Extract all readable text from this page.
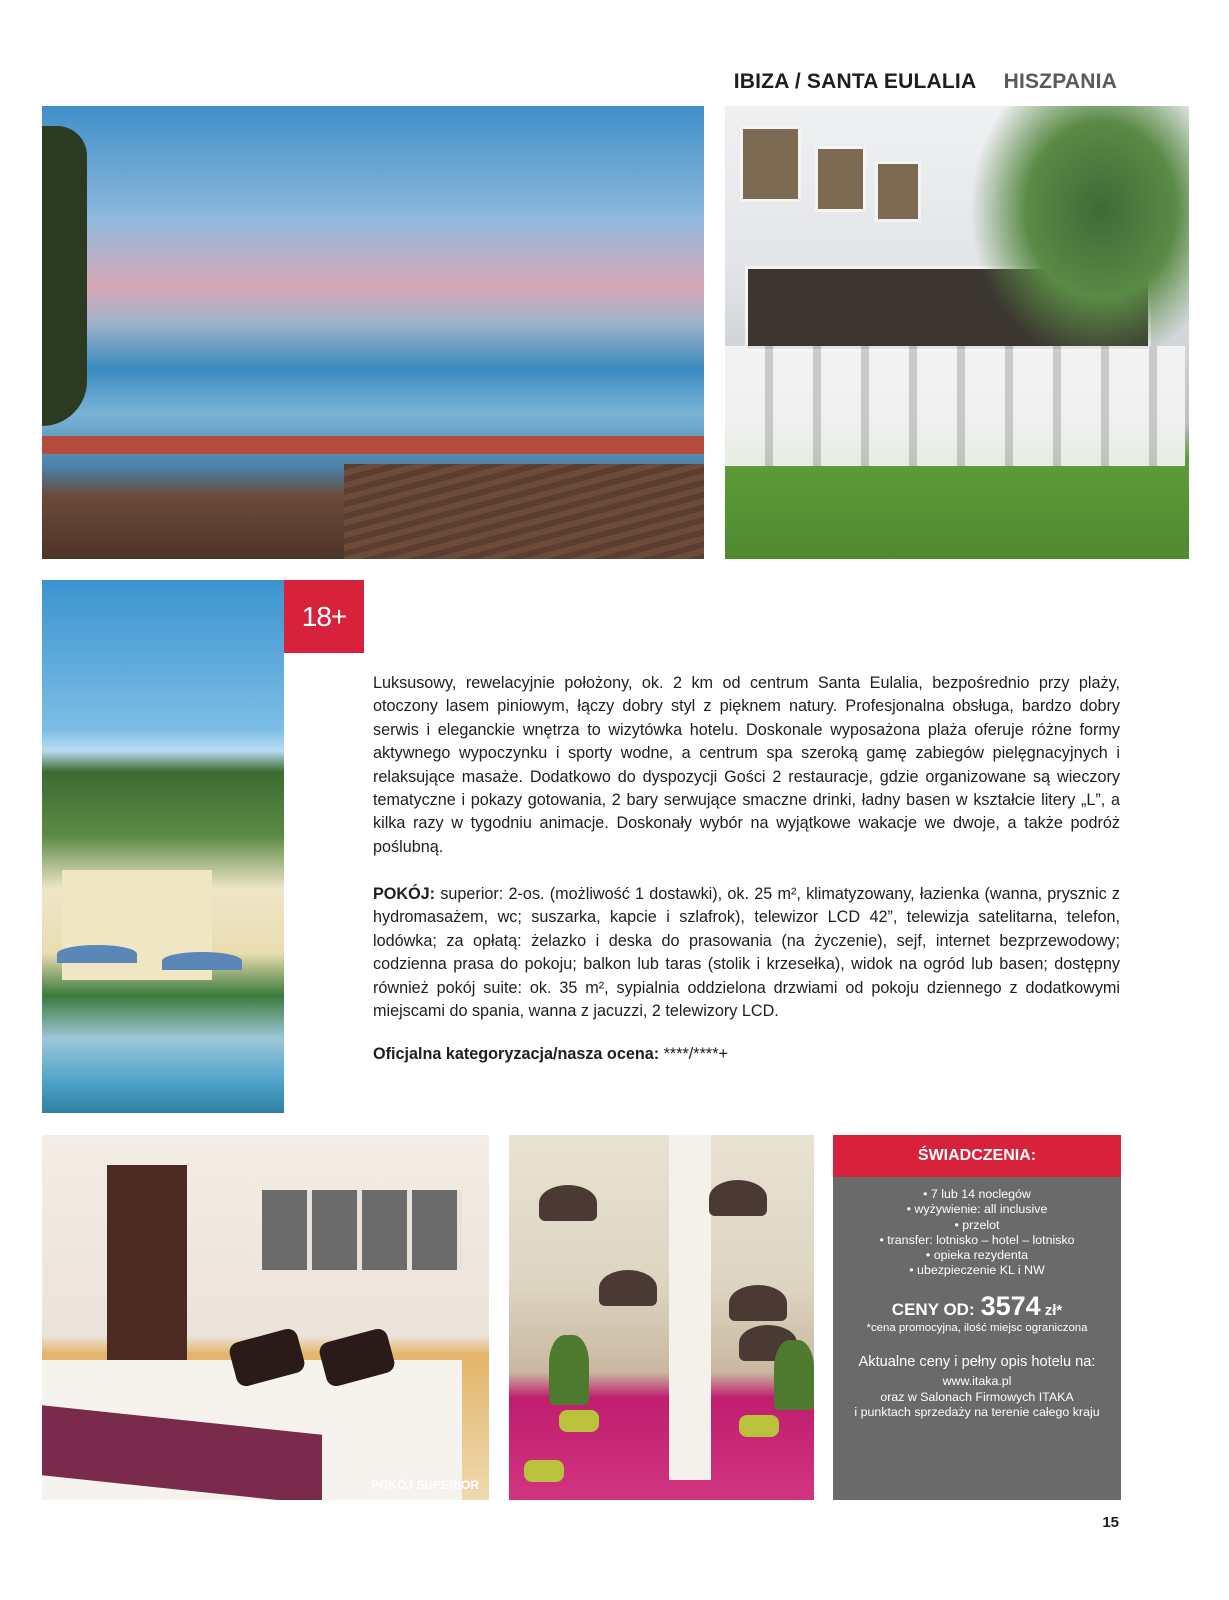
IBIZA / SANTA EULALIA HISZPANIA
18+
Luksusowy, rewelacyjnie położony, ok. 2 km od centrum Santa Eulalia, bezpośrednio przy plaży, otoczony lasem piniowym, łączy dobry styl z pięknem natury. Profesjonalna obsługa, bardzo dobry serwis i eleganckie wnętrza to wizytówka hotelu. Doskonale wyposażona plaża oferuje różne formy aktywnego wypoczynku i sporty wodne, a centrum spa szeroką gamę zabiegów pielęgnacyjnych i relaksujące masaże. Dodatkowo do dyspozycji Gości 2 restauracje, gdzie organizowane są wieczory tematyczne i pokazy gotowania, 2 bary serwujące smaczne drinki, ładny basen w kształcie litery „L”, a kilka razy w tygodniu animacje. Doskonały wybór na wyjątkowe wakacje we dwoje, a także podróż poślubną.
POKÓJ: superior: 2-os. (możliwość 1 dostawki), ok. 25 m², klimatyzowany, łazienka (wanna, prysznic z hydromasażem, wc; suszarka, kapcie i szlafrok), telewizor LCD 42”, telewizja satelitarna, telefon, lodówka; za opłatą: żelazko i deska do prasowania (na życzenie), sejf, internet bezprzewodowy; codzienna prasa do pokoju; balkon lub taras (stolik i krzesełka), widok na ogród lub basen; dostępny również pokój suite: ok. 35 m², sypialnia oddzielona drzwiami od pokoju dziennego z dodatkowymi miejscami do spania, wanna z jacuzzi, 2 telewizory LCD.
Oficjalna kategoryzacja/nasza ocena: ****/****+
POKÓJ SUPERIOR
ŚWIADCZENIA:
• 7 lub 14 noclegów
• wyżywienie: all inclusive
• przelot
• transfer: lotnisko – hotel – lotnisko
• opieka rezydenta
• ubezpieczenie KL i NW
CENY OD: 3574 zł*
*cena promocyjna, ilość miejsc ograniczona
Aktualne ceny i pełny opis hotelu na:
www.itaka.pl
oraz w Salonach Firmowych ITAKA
i punktach sprzedaży na terenie całego kraju
15
